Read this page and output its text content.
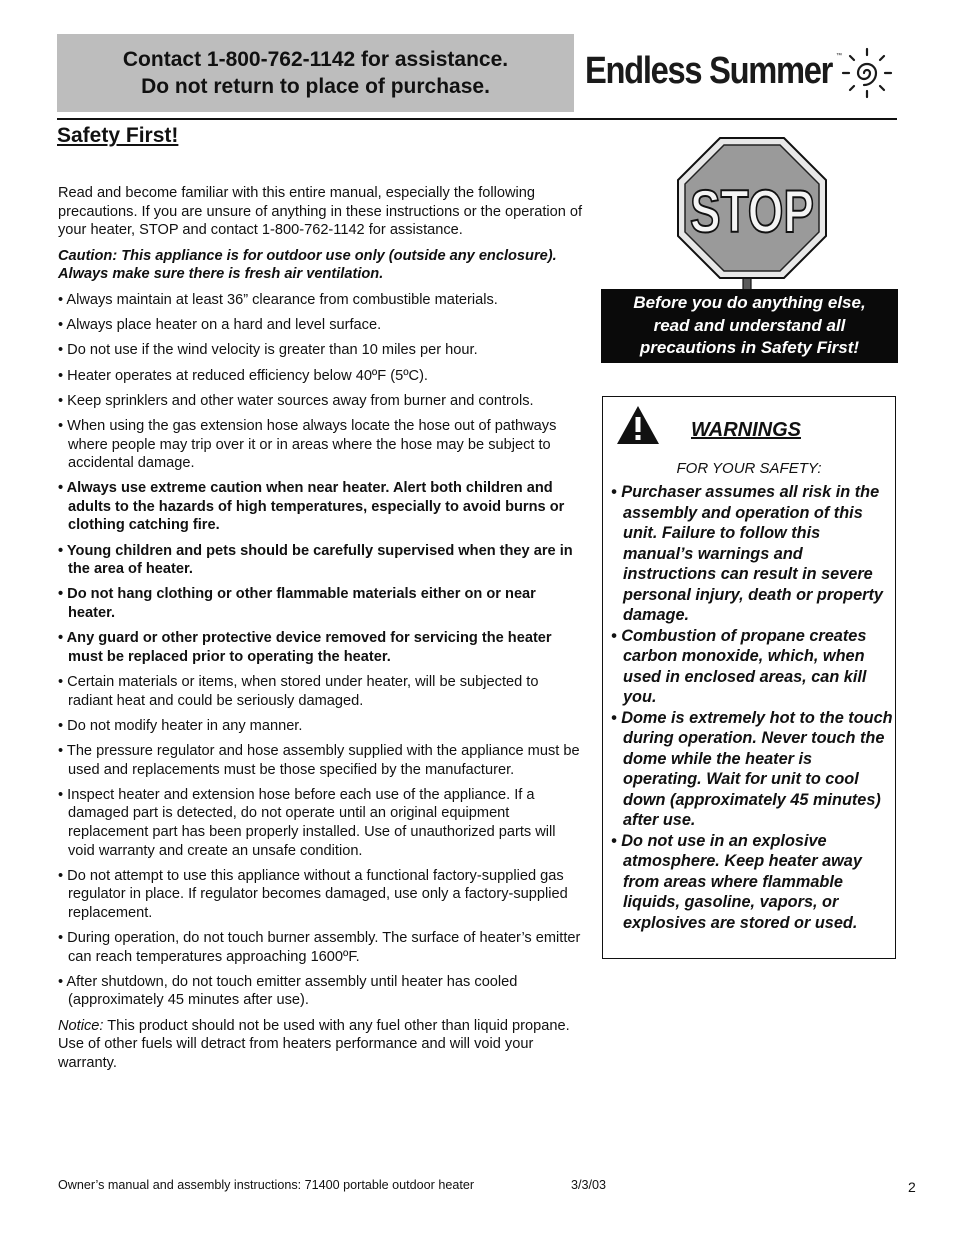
Contact 1-800-762-1142 for assistance.
Do not return to place of purchase.	Endless Summer ™
Safety First!

Read and become familiar with this entire manual, especially the following precautions. If you are unsure of anything in these instructions or the operation of your heater, STOP and contact 1-800-762-1142 for assistance.

Caution: This appliance is for outdoor use only (outside any enclosure). Always make sure there is fresh air ventilation.

• Always maintain at least 36” clearance from combustible materials.
• Always place heater on a hard and level surface.
• Do not use if the wind velocity is greater than 10 miles per hour.
• Heater operates at reduced efficiency below 40ºF (5ºC).
• Keep sprinklers and other water sources away from burner and controls.
• When using the gas extension hose always locate the hose out of pathways where people may trip over it or in areas where the hose may be subject to accidental damage.
• Always use extreme caution when near heater. Alert both children and adults to the hazards of high temperatures, especially to avoid burns or clothing catching fire.
• Young children and pets should be carefully supervised when they are in the area of heater.
• Do not hang clothing or other flammable materials either on or near heater.
• Any guard or other protective device removed for servicing the heater must be replaced prior to operating the heater.
• Certain materials or items, when stored under heater, will be subjected to radiant heat and could be seriously damaged.
• Do not modify heater in any manner.
• The pressure regulator and hose assembly supplied with the appliance must be used and replacements must be those specified by the manufacturer.
• Inspect heater and extension hose before each use of the appliance. If a damaged part is detected, do not operate until an original equipment replacement part has been properly installed. Use of unauthorized parts will void warranty and create an unsafe condition.
• Do not attempt to use this appliance without a functional factory-supplied gas regulator in place. If regulator becomes damaged, use only a factory-supplied replacement.
• During operation, do not touch burner assembly. The surface of heater’s emitter can reach temperatures approaching 1600ºF.
• After shutdown, do not touch emitter assembly until heater has cooled (approximately 45 minutes after use).

Notice: This product should not be used with any fuel other than liquid propane. Use of other fuels will detract from heaters performance and will void your warranty.

STOP
Before you do anything else,
read and understand all
precautions in Safety First!
WARNINGS
FOR YOUR SAFETY:
• Purchaser assumes all risk in the assembly and operation of this unit. Failure to follow this manual’s warnings and instructions can result in severe personal injury, death or property damage.
• Combustion of propane creates carbon monoxide, which, when used in enclosed areas, can kill you.
• Dome is extremely hot to the touch during operation. Never touch the dome while the heater is operating. Wait for unit to cool down (approximately 45 minutes) after use.
• Do not use in an explosive atmosphere. Keep heater away from areas where flammable liquids, gasoline, vapors, or explosives are stored or used.
Owner’s manual and assembly instructions: 71400 portable outdoor heater	3/3/03	2
